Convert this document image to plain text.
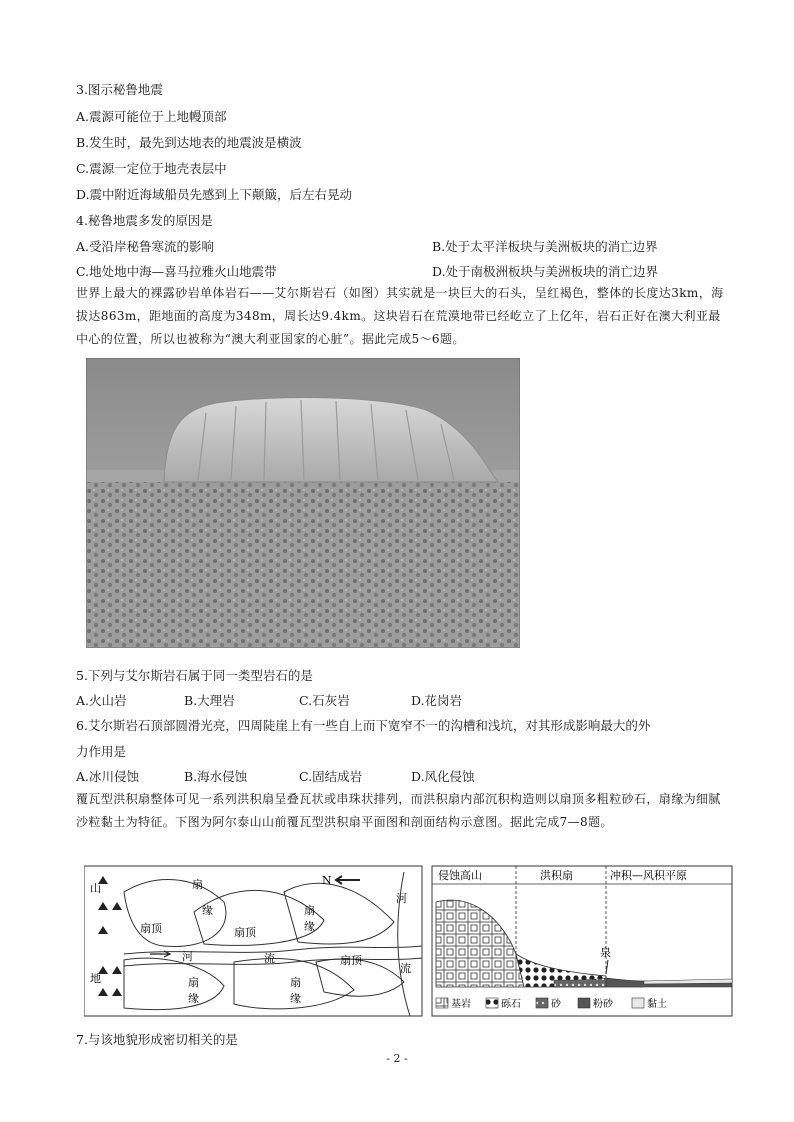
3.图示秘鲁地震
A.震源可能位于上地幔顶部
B.发生时，最先到达地表的地震波是横波
C.震源一定位于地壳表层中
D.震中附近海域船员先感到上下颠簸，后左右晃动
4.秘鲁地震多发的原因是
A.受沿岸秘鲁寒流的影响	B.处于太平洋板块与美洲板块的消亡边界
C.地处地中海—喜马拉雅火山地震带	D.处于南极洲板块与美洲板块的消亡边界
世界上最大的裸露砂岩单体岩石——艾尔斯岩石（如图）其实就是一块巨大的石头，呈红褐色，整体的长度达3km，海拔达863m，距地面的高度为348m，周长达9.4km。这块岩石在荒漠地带已经屹立了上亿年，岩石正好在澳大利亚最中心的位置，所以也被称为“澳大利亚国家的心脏”。据此完成5～6题。
5.下列与艾尔斯岩石属于同一类型岩石的是
A.火山岩	B.大理岩	C.石灰岩	D.花岗岩
6.艾尔斯岩石顶部圆滑光亮，四周陡崖上有一些自上而下宽窄不一的沟槽和浅坑，对其形成影响最大的外
力作用是
A.冰川侵蚀	B.海水侵蚀	C.固结成岩	D.风化侵蚀
覆瓦型洪积扇整体可见一系列洪积扇呈叠瓦状或串珠状排列，而洪积扇内部沉积构造则以扇顶多粗粒砂石，扇缘为细腻沙粒黏土为特征。下图为阿尔泰山山前覆瓦型洪积扇平面图和剖面结构示意图。据此完成7—8题。
山
地
扇
缘
扇顶	扇顶
扇
缘
扇顶
扇
缘
扇
缘
河	流
N
河
流
侵蚀高山	洪积扇	冲积—风积平原
泉
基岩	砾石	砂	粉砂	黏土
7.与该地貌形成密切相关的是
- 2 -
